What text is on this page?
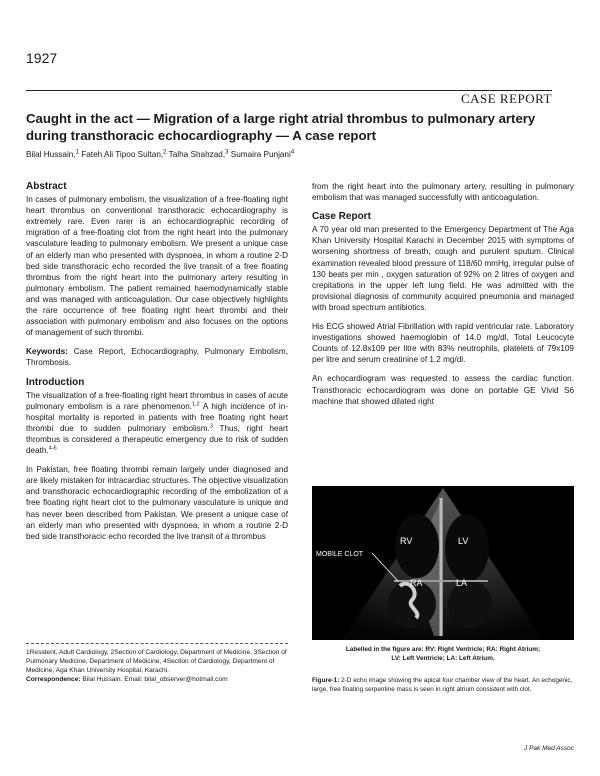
1927
CASE REPORT
Caught in the act — Migration of a large right atrial thrombus to pulmonary artery during transthoracic echocardiography — A case report
Bilal Hussain,$^1$ Fateh Ali Tipoo Sultan,$^2$ Talha Shahzad,$^3$ Sumaira Punjani$^4$
Abstract

In cases of pulmonary embolism, the visualization of a free-floating right heart thrombus on conventional transthoracic echocardiography is extremely rare. Even rarer is an echocardiographic recording of migration of a free-floating clot from the right heart into the pulmonary vasculature leading to pulmonary embolism. We present a unique case of an elderly man who presented with dyspnoea, in whom a routine 2-D bed side transthoracic echo recorded the live transit of a free floating thrombus from the right heart into the pulmonary artery resulting in pulmonary embolism. The patient remained haemodynamically stable and was managed with anticoagulation. Our case objectively highlights the rare occurrence of free floating right heart thrombi and their association with pulmonary embolism and also focuses on the options of management of such thrombi.

Keywords: Case Report, Echocardiography, Pulmonary Embolism, Thrombosis.

Introduction

The visualization of a free-floating right heart thrombus in cases of acute pulmonary embolism is a rare phenomenon.$^{1,2}$ A high incidence of in-hospital mortality is reported in patients with free floating right heart thrombi due to sudden pulmonary embolism.$^3$ Thus, right heart thrombus is considered a therapeutic emergency due to risk of sudden death.$^{4-6}$

In Pakistan, free floating thrombi remain largely under diagnosed and are likely mistaken for intracardiac structures. The objective visualization and transthoracic echocardiographic recording of the embolization of a free floating right heart clot to the pulmonary vasculature is unique and has never been described from Pakistan. We present a unique case of an elderly man who presented with dyspnoea, in whom a routine 2-D bed side transthoracic echo recorded the live transit of a thrombus

1Resident, Adult Cardiology, 2Section of Cardiology, Department of Medicine, 3Section of Pulmonary Medicine, Department of Medicine, 4Section of Cardiology, Department of Medicine, Aga Khan University Hospital, Karachi.
Correspondence: Bilal Hussain. Email: bilal_observer@hotmail.com

from the right heart into the pulmonary artery, resulting in pulmonary embolism that was managed successfully with anticoagulation.

Case Report

A 70 year old man presented to the Emergency Department of The Aga Khan University Hospital Karachi in December 2015 with symptoms of worsening shortness of breath, cough and purulent sputum. Clinical examination revealed blood pressure of 118/60 mmHg, irregular pulse of 130 beats per min , oxygen saturation of 92% on 2 litres of oxygen and crepitations in the upper left lung field. He was admitted with the provisional diagnosis of community acquired pneumonia and managed with broad spectrum antibiotics.

His ECG showed Atrial Fibrillation with rapid ventricular rate. Laboratory investigations showed haemoglobin of 14.0 mg/dl, Total Leucocyte Counts of 12.8x109 per litre with 83% neutrophils, platelets of 79x109 per litre and serum creatinine of 1.2 mg/dl.

An echocardiogram was requested to assess the cardiac function. Transthoracic echocardiogram was done on portable GE Vivid S6 machine that showed dilated right

RV	LV
RA	LA
MOBILE CLOT
Labelled in the figure are: RV: Right Ventricle; RA: Right Atrium;
LV: Left Ventricle; LA: Left Atrium.
Figure-1: 2-D echo image showing the apical four chamber view of the heart. An echogenic, large, free floating serpentine mass is seen in right atrium consistent with clot.
J Pak Med Assoc
